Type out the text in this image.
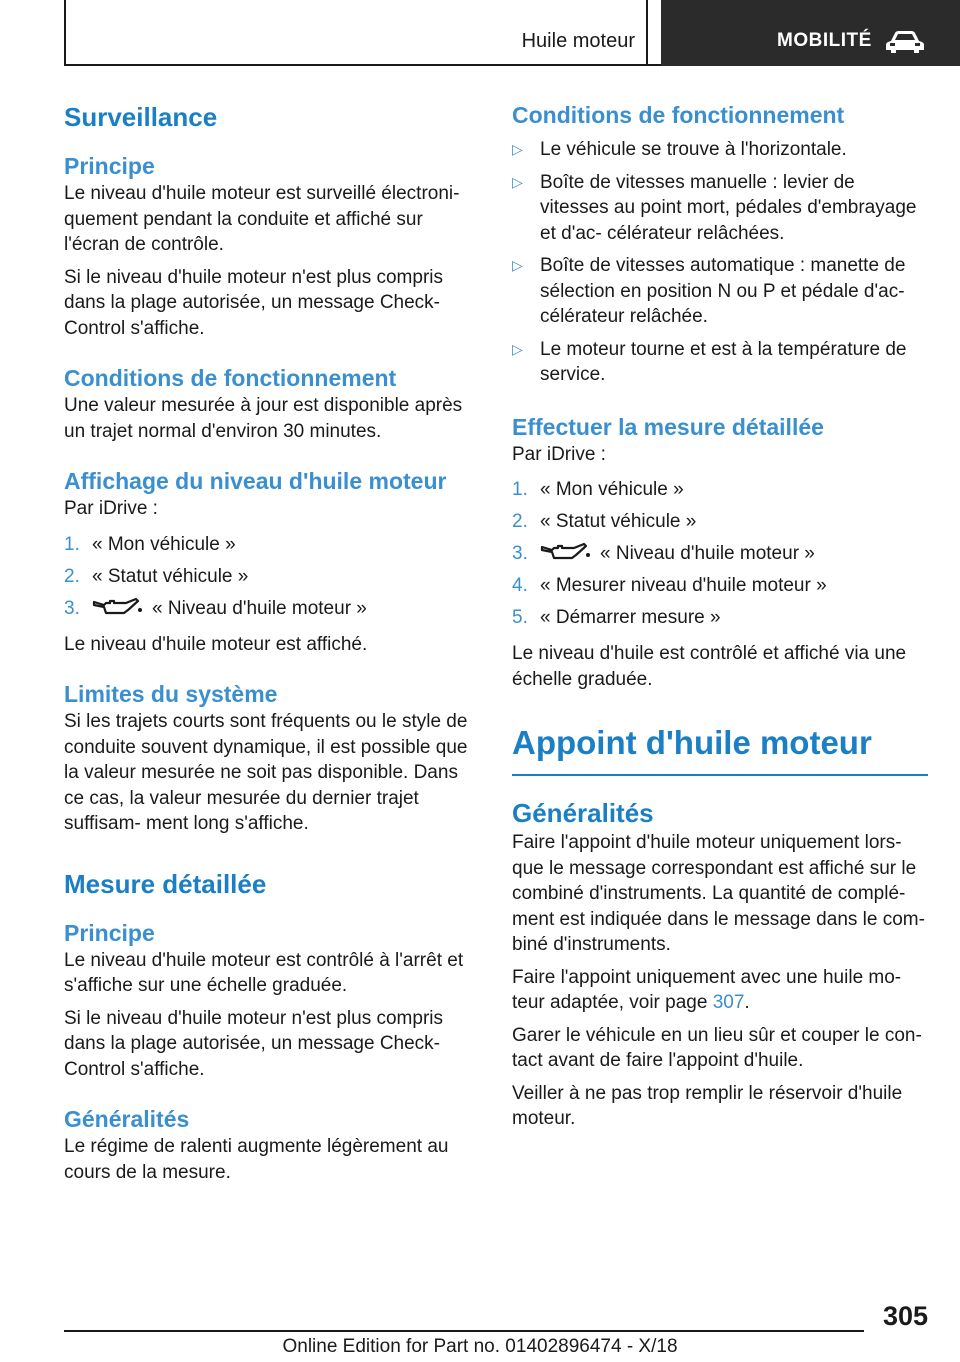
Huile moteur	MOBILITÉ
Surveillance
Principe

Le niveau d'huile moteur est surveillé électroni‐ quement pendant la conduite et affiché sur l'écran de contrôle.

Si le niveau d'huile moteur n'est plus compris dans la plage autorisée, un message Check- Control s'affiche.

Conditions de fonctionnement

Une valeur mesurée à jour est disponible après un trajet normal d'environ 30 minutes.

Affichage du niveau d'huile moteur

Par iDrive :

1. « Mon véhicule »
2. « Statut véhicule »
3.	« Niveau d'huile moteur »

Le niveau d'huile moteur est affiché.

Limites du système

Si les trajets courts sont fréquents ou le style de conduite souvent dynamique, il est possible que la valeur mesurée ne soit pas disponible. Dans ce cas, la valeur mesurée du dernier trajet suffisam‐ ment long s'affiche.

Mesure détaillée
Principe

Le niveau d'huile moteur est contrôlé à l'arrêt et s'affiche sur une échelle graduée.

Si le niveau d'huile moteur n'est plus compris dans la plage autorisée, un message Check- Control s'affiche.

Généralités

Le régime de ralenti augmente légèrement au cours de la mesure.

Conditions de fonctionnement
▷ Le véhicule se trouve à l'horizontale.
▷ Boîte de vitesses manuelle : levier de vitesses au point mort, pédales d'embrayage et d'ac‐ célérateur relâchées.
▷ Boîte de vitesses automatique : manette de sélection en position N ou P et pédale d'ac‐ célérateur relâchée.
▷ Le moteur tourne et est à la température de service.
Effectuer la mesure détaillée

Par iDrive :

1. « Mon véhicule »
2. « Statut véhicule »
3.	« Niveau d'huile moteur »
4. « Mesurer niveau d'huile moteur »
5. « Démarrer mesure »

Le niveau d'huile est contrôlé et affiché via une échelle graduée.

Appoint d'huile moteur
Généralités

Faire l'appoint d'huile moteur uniquement lors‐ que le message correspondant est affiché sur le combiné d'instruments. La quantité de complé‐ ment est indiquée dans le message dans le com‐ biné d'instruments.

Faire l'appoint uniquement avec une huile mo‐ teur adaptée, voir page 307.

Garer le véhicule en un lieu sûr et couper le con‐ tact avant de faire l'appoint d'huile.

Veiller à ne pas trop remplir le réservoir d'huile moteur.

305
Online Edition for Part no. 01402896474 - X/18
